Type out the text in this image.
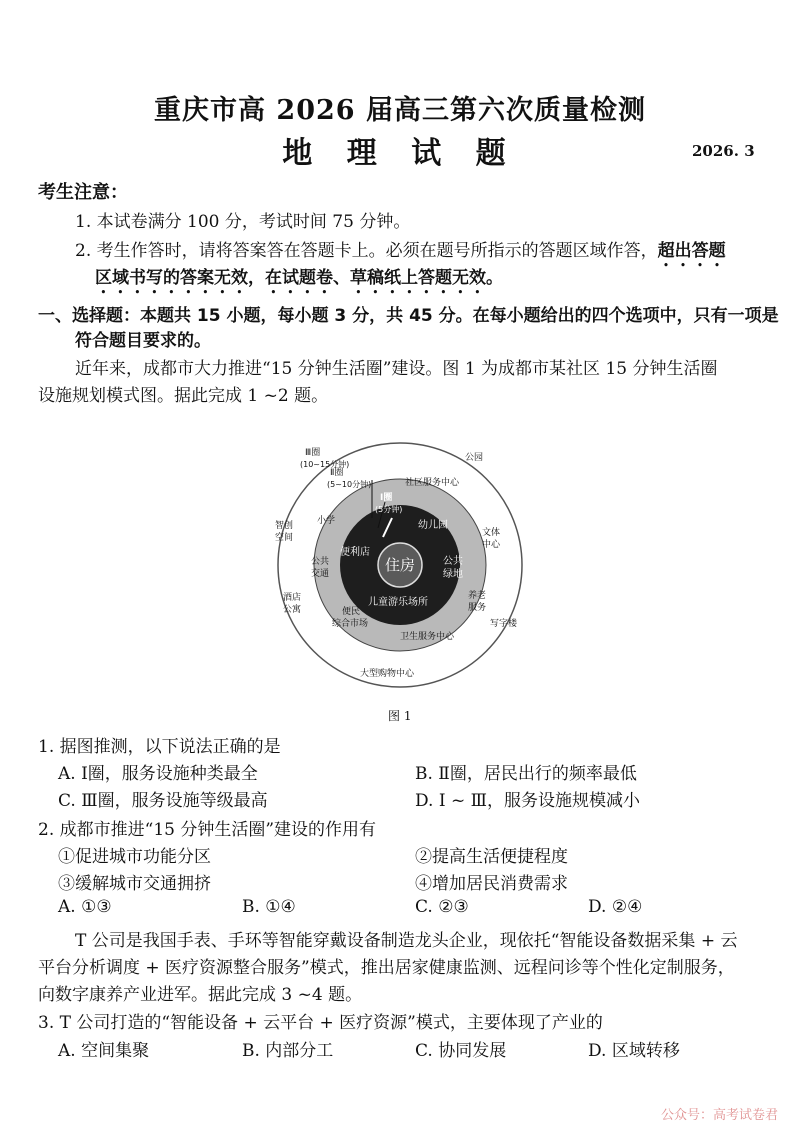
重庆市高 2026 届高三第六次质量检测
地 理 试 题	2026. 3
考生注意：
1. 本试卷满分 100 分，考试时间 75 分钟。
2. 考生作答时，请将答案答在答题卡上。必须在题号所指示的答题区域作答，超出答题
区域书写的答案无效，在试题卷、草稿纸上答题无效。
一、选择题：本题共 15 小题，每小题 3 分，共 45 分。在每小题给出的四个选项中，只有一项是
符合题目要求的。
近年来，成都市大力推进“15 分钟生活圈”建设。图 1 为成都市某社区 15 分钟生活圈
设施规划模式图。据此完成 1 ~2 题。
Ⅲ圈
(10~15分钟)
Ⅱ圈
(5~10分钟)
Ⅰ圈
(5分钟)
住房
公园
社区服务中心
幼儿园
文体
中心
公共
绿地
养老
服务
写字楼
儿童游乐场所
卫生服务中心
便民
综合市场
便利店
公共
交通
小学
智创
空间
酒店
公寓
大型购物中心
图 1
1. 据图推测，以下说法正确的是
A. Ⅰ圈，服务设施种类最全	B. Ⅱ圈，居民出行的频率最低
C. Ⅲ圈，服务设施等级最高	D. Ⅰ ~ Ⅲ，服务设施规模减小
2. 成都市推进“15 分钟生活圈”建设的作用有
①促进城市功能分区	②提高生活便捷程度
③缓解城市交通拥挤	④增加居民消费需求
A. ①③	B. ①④	C. ②③	D. ②④
T 公司是我国手表、手环等智能穿戴设备制造龙头企业，现依托“智能设备数据采集 + 云
平台分析调度 + 医疗资源整合服务”模式，推出居家健康监测、远程问诊等个性化定制服务，
向数字康养产业进军。据此完成 3 ~4 题。
3. T 公司打造的“智能设备 + 云平台 + 医疗资源”模式，主要体现了产业的
A. 空间集聚	B. 内部分工	C. 协同发展	D. 区域转移
公众号：高考试卷君
